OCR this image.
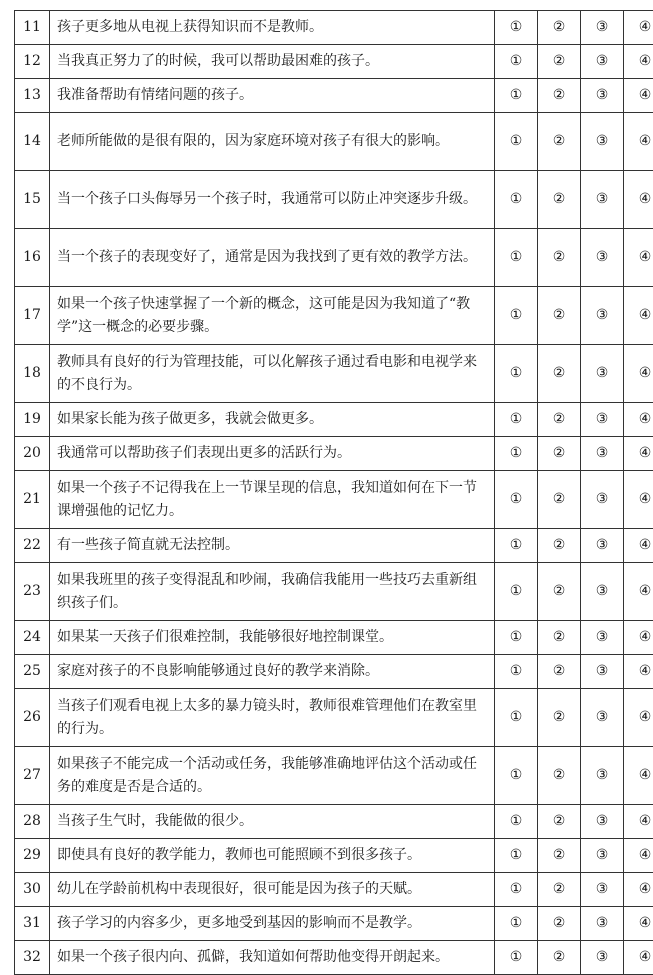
11	孩子更多地从电视上获得知识而不是教师。	①	②	③	④
12	当我真正努力了的时候，我可以帮助最困难的孩子。	①	②	③	④
13	我准备帮助有情绪问题的孩子。	①	②	③	④
14	老师所能做的是很有限的，因为家庭环境对孩子有很大的影响。	①	②	③	④
15	当一个孩子口头侮辱另一个孩子时，我通常可以防止冲突逐步升级。	①	②	③	④
16	当一个孩子的表现变好了，通常是因为我找到了更有效的教学方法。	①	②	③	④
17	如果一个孩子快速掌握了一个新的概念，这可能是因为我知道了“教学”这一概念的必要步骤。	①	②	③	④
18	教师具有良好的行为管理技能，可以化解孩子通过看电影和电视学来的不良行为。	①	②	③	④
19	如果家长能为孩子做更多，我就会做更多。	①	②	③	④
20	我通常可以帮助孩子们表现出更多的活跃行为。	①	②	③	④
21	如果一个孩子不记得我在上一节课呈现的信息，我知道如何在下一节课增强他的记忆力。	①	②	③	④
22	有一些孩子简直就无法控制。	①	②	③	④
23	如果我班里的孩子变得混乱和吵闹，我确信我能用一些技巧去重新组织孩子们。	①	②	③	④
24	如果某一天孩子们很难控制，我能够很好地控制课堂。	①	②	③	④
25	家庭对孩子的不良影响能够通过良好的教学来消除。	①	②	③	④
26	当孩子们观看电视上太多的暴力镜头时，教师很难管理他们在教室里的行为。	①	②	③	④
27	如果孩子不能完成一个活动或任务，我能够准确地评估这个活动或任务的难度是否是合适的。	①	②	③	④
28	当孩子生气时，我能做的很少。	①	②	③	④
29	即使具有良好的教学能力，教师也可能照顾不到很多孩子。	①	②	③	④
30	幼儿在学龄前机构中表现很好，很可能是因为孩子的天赋。	①	②	③	④
31	孩子学习的内容多少，更多地受到基因的影响而不是教学。	①	②	③	④
32	如果一个孩子很内向、孤僻，我知道如何帮助他变得开朗起来。	①	②	③	④
